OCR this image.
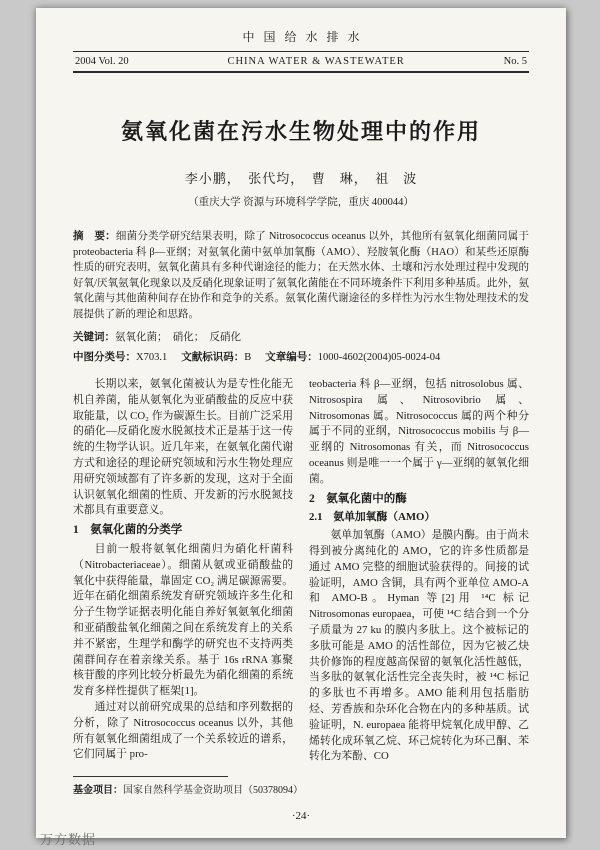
中国给水排水
2004 Vol. 20	CHINA WATER & WASTEWATER	No. 5
氨氧化菌在污水生物处理中的作用
李小鹏，　张代均，　曹　琳，　祖　波
（重庆大学 资源与环境科学学院，重庆 400044）

摘　要：细菌分类学研究结果表明，除了 Nitrosococcus oceanus 以外，其他所有氨氧化细菌同属于 proteobacteria 科 β—亚纲；对氨氧化菌中氨单加氧酶（AMO）、羟胺氧化酶（HAO）和某些还原酶性质的研究表明，氨氧化菌具有多种代谢途径的能力；在天然水体、土壤和污水处理过程中发现的好氧/厌氧氨氧化现象以及反硝化现象证明了氨氧化菌能在不同环境条件下利用多种基质。此外，氨氧化菌与其他菌种间存在协作和竞争的关系。氨氧化菌代谢途径的多样性为污水生物处理技术的发展提供了新的理论和思路。

关键词：氨氧化菌；　硝化；　反硝化

中图分类号：X703.1 文献标识码：B 文章编号：1000-4602(2004)05-0024-04

长期以来，氨氧化菌被认为是专性化能无机自养菌，能从氨氧化为亚硝酸盐的反应中获取能量，以 CO₂ 作为碳源生长。目前广泛采用的硝化—反硝化废水脱氮技术正是基于这一传统的生物学认识。近几年来，在氨氧化菌代谢方式和途径的理论研究领域和污水生物处理应用研究领域都有了许多新的发现，这对于全面认识氨氧化细菌的性质、开发新的污水脱氮技术都具有重要意义。

1　氨氧化菌的分类学

目前一般将氨氧化细菌归为硝化杆菌科（Nitrobacteriaceae）。细菌从氨或亚硝酸盐的氧化中获得能量，靠固定 CO₂ 满足碳源需要。近年在硝化细菌系统发育研究领域许多生化和分子生物学证据表明化能自养好氧氨氧化细菌和亚硝酸盐氧化细菌之间在系统发育上的关系并不紧密，生理学和酶学的研究也不支持两类菌群间存在着亲缘关系。基于 16s rRNA 寡聚核苷酸的序列比较分析最先为硝化细菌的系统发育多样性提供了框架[1]。

通过对以前研究成果的总结和序列数据的分析，除了 Nitrosococcus oceanus 以外，其他所有氨氧化细菌组成了一个关系较近的谱系，它们同属于 pro-

teobacteria 科 β—亚纲，包括 nitrosolobus 属、Nitrosospira 属、Nitrosovibrio 属、Nitrosomonas 属。Nitrosococcus 属的两个种分属于不同的亚纲，Nitrosococcus mobilis 与 β—亚纲的 Nitrosomonas 有关，而 Nitrosococcus oceanus 则是唯一一个属于 γ—亚纲的氨氧化细菌。

2　氨氧化菌中的酶
2.1　氨单加氧酶（AMO）

氨单加氧酶（AMO）是膜内酶。由于尚未得到被分离纯化的 AMO，它的许多性质都是通过 AMO 完整的细胞试验获得的。间接的试验证明，AMO 含铜，具有两个亚单位 AMO-A 和 AMO-B。Hyman 等[2]用 ¹⁴C 标记 Nitrosomonas europaea，可使 ¹⁴C 结合到一个分子质量为 27 ku 的膜内多肽上。这个被标记的多肽可能是 AMO 的活性部位，因为它被乙炔共价修饰的程度越高保留的氨氧化活性越低，当多肽的氨氧化活性完全丧失时，被 ¹⁴C 标记的多肽也不再增多。AMO 能利用包括脂肪烃、芳香族和杂环化合物在内的多种基质。试验证明，N. europaea 能将甲烷氧化成甲醇、乙烯转化成环氧乙烷、环己烷转化为环己酮、苯转化为苯酚、CO

基金项目：国家自然科学基金资助项目（50378094）
·24·
万方数据
